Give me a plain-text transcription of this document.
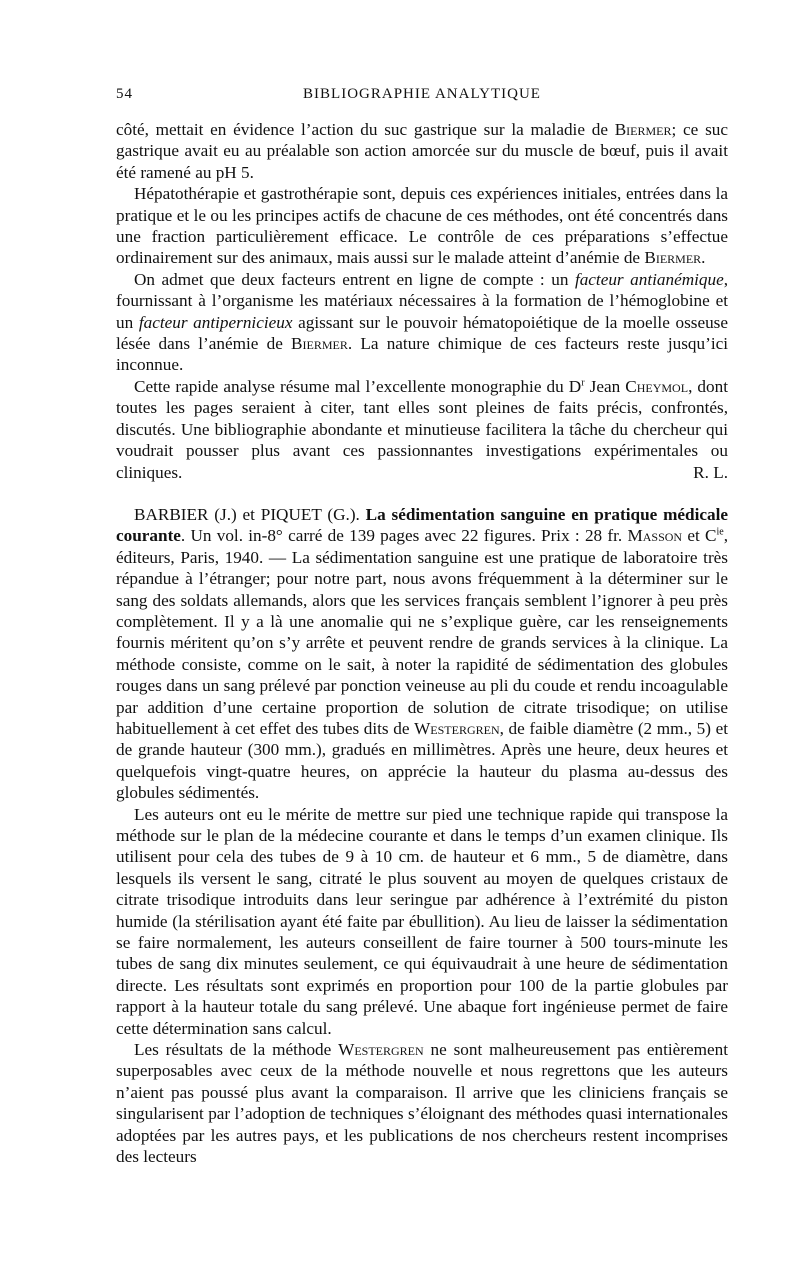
54	BIBLIOGRAPHIE ANALYTIQUE

côté, mettait en évidence l’action du suc gastrique sur la maladie de Biermer; ce suc gastrique avait eu au préalable son action amorcée sur du muscle de bœuf, puis il avait été ramené au pH 5.

Hépatothérapie et gastrothérapie sont, depuis ces expériences initiales, entrées dans la pratique et le ou les principes actifs de chacune de ces méthodes, ont été concentrés dans une fraction particulièrement efficace. Le contrôle de ces préparations s’effectue ordinairement sur des animaux, mais aussi sur le malade atteint d’anémie de Biermer.

On admet que deux facteurs entrent en ligne de compte : un facteur antianémique, fournissant à l’organisme les matériaux nécessaires à la formation de l’hémoglobine et un facteur antipernicieux agissant sur le pouvoir hématopoiétique de la moelle osseuse lésée dans l’anémie de Biermer. La nature chimique de ces facteurs reste jusqu’ici inconnue.

Cette rapide analyse résume mal l’excellente monographie du $D^r$ Jean Cheymol, dont toutes les pages seraient à citer, tant elles sont pleines de faits précis, confrontés, discutés. Une bibliographie abondante et minutieuse facilitera la tâche du chercheur qui voudrait pousser plus avant ces passionnantes investigations expérimentales ou cliniques.	R. L.

BARBIER (J.) et PIQUET (G.). La sédimentation sanguine en pratique médicale courante. Un vol. in-8° carré de 139 pages avec 22 figures. Prix : 28 fr. Masson et $C^{ie}$, éditeurs, Paris, 1940. — La sédimentation sanguine est une pratique de laboratoire très répandue à l’étranger; pour notre part, nous avons fréquemment à la déterminer sur le sang des soldats allemands, alors que les services français semblent l’ignorer à peu près complètement. Il y a là une anomalie qui ne s’explique guère, car les renseignements fournis méritent qu’on s’y arrête et peuvent rendre de grands services à la clinique. La méthode consiste, comme on le sait, à noter la rapidité de sédimentation des globules rouges dans un sang prélevé par ponction veineuse au pli du coude et rendu incoagulable par addition d’une certaine proportion de solution de citrate trisodique; on utilise habituellement à cet effet des tubes dits de Westergren, de faible diamètre (2 mm., 5) et de grande hauteur (300 mm.), gradués en millimètres. Après une heure, deux heures et quelquefois vingt-quatre heures, on apprécie la hauteur du plasma au-dessus des globules sédimentés.

Les auteurs ont eu le mérite de mettre sur pied une technique rapide qui transpose la méthode sur le plan de la médecine courante et dans le temps d’un examen clinique. Ils utilisent pour cela des tubes de 9 à 10 cm. de hauteur et 6 mm., 5 de diamètre, dans lesquels ils versent le sang, citraté le plus souvent au moyen de quelques cristaux de citrate trisodique introduits dans leur seringue par adhérence à l’extrémité du piston humide (la stérilisation ayant été faite par ébullition). Au lieu de laisser la sédimentation se faire normalement, les auteurs conseillent de faire tourner à 500 tours-minute les tubes de sang dix minutes seulement, ce qui équivaudrait à une heure de sédimentation directe. Les résultats sont exprimés en proportion pour 100 de la partie globules par rapport à la hauteur totale du sang prélevé. Une abaque fort ingénieuse permet de faire cette détermination sans calcul.

Les résultats de la méthode Westergren ne sont malheureusement pas entièrement superposables avec ceux de la méthode nouvelle et nous regrettons que les auteurs n’aient pas poussé plus avant la comparaison. Il arrive que les cliniciens français se singularisent par l’adoption de techniques s’éloignant des méthodes quasi internationales adoptées par les autres pays, et les publications de nos chercheurs restent incomprises des lecteurs
